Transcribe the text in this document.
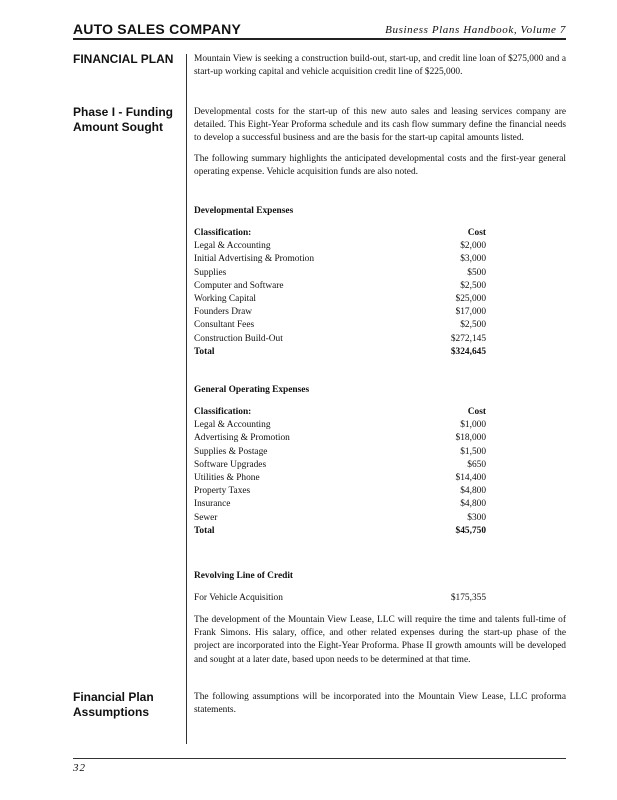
AUTO SALES COMPANY	Business Plans Handbook, Volume 7
FINANCIAL PLAN Mountain View is seeking a construction build-out, start-up, and credit line loan of $275,000 and a start-up working capital and vehicle acquisition credit line of $225,000.

Phase I - Funding
Amount Sought

Developmental costs for the start-up of this new auto sales and leasing services company are detailed. This Eight-Year Proforma schedule and its cash flow summary define the financial needs to develop a successful business and are the basis for the start-up capital amounts listed.

The following summary highlights the anticipated developmental costs and the first-year general operating expense. Vehicle acquisition funds are also noted.

Developmental Expenses
Classification:	Cost
Legal & Accounting	$2,000
Initial Advertising & Promotion	$3,000
Supplies	$500
Computer and Software	$2,500
Working Capital	$25,000
Founders Draw	$17,000
Consultant Fees	$2,500
Construction Build-Out	$272,145
Total	$324,645
General Operating Expenses
Classification:	Cost
Legal & Accounting	$1,000
Advertising & Promotion	$18,000
Supplies & Postage	$1,500
Software Upgrades	$650
Utilities & Phone	$14,400
Property Taxes	$4,800
Insurance	$4,800
Sewer	$300
Total	$45,750
Revolving Line of Credit
For Vehicle Acquisition	$175,355

The development of the Mountain View Lease, LLC will require the time and talents full-time of Frank Simons. His salary, office, and other related expenses during the start-up phase of the project are incorporated into the Eight-Year Proforma. Phase II growth amounts will be developed and sought at a later date, based upon needs to be determined at that time.

Financial Plan
Assumptions

The following assumptions will be incorporated into the Mountain View Lease, LLC proforma statements.

32
